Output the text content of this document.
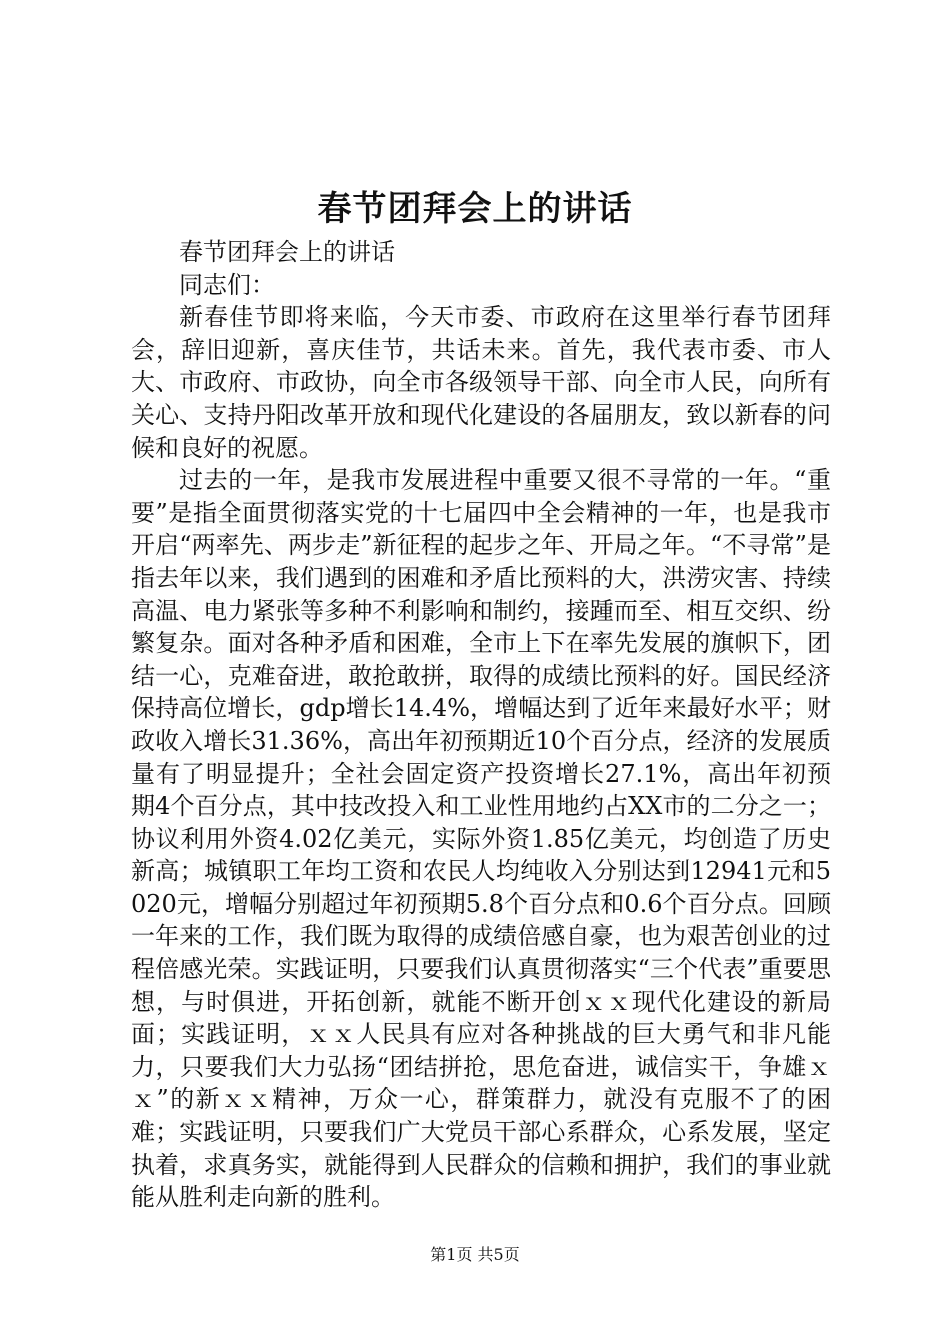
春节团拜会上的讲话

春节团拜会上的讲话

同志们：

新春佳节即将来临，今天市委、市政府在这里举行春节团拜会，辞旧迎新，喜庆佳节，共话未来。首先，我代表市委、市人大、市政府、市政协，向全市各级领导干部、向全市人民，向所有关心、支持丹阳改革开放和现代化建设的各届朋友，致以新春的问候和良好的祝愿。

过去的一年，是我市发展进程中重要又很不寻常的一年。“重要”是指全面贯彻落实党的十七届四中全会精神的一年，也是我市开启“两率先、两步走”新征程的起步之年、开局之年。“不寻常”是指去年以来，我们遇到的困难和矛盾比预料的大，洪涝灾害、持续高温、电力紧张等多种不利影响和制约，接踵而至、相互交织、纷繁复杂。面对各种矛盾和困难，全市上下在率先发展的旗帜下，团结一心，克难奋进，敢抢敢拼，取得的成绩比预料的好。国民经济保持高位增长，gdp增长14.4%，增幅达到了近年来最好水平；财政收入增长31.36%，高出年初预期近10个百分点，经济的发展质量有了明显提升；全社会固定资产投资增长27.1%，高出年初预期4个百分点，其中技改投入和工业性用地约占XX市的二分之一；协议利用外资4.02亿美元，实际外资1.85亿美元，均创造了历史新高；城镇职工年均工资和农民人均纯收入分别达到12941元和5020元，增幅分别超过年初预期5.8个百分点和0.6个百分点。回顾一年来的工作，我们既为取得的成绩倍感自豪，也为艰苦创业的过程倍感光荣。实践证明，只要我们认真贯彻落实“三个代表”重要思想，与时俱进，开拓创新，就能不断开创ｘｘ现代化建设的新局面；实践证明，ｘｘ人民具有应对各种挑战的巨大勇气和非凡能力，只要我们大力弘扬“团结拼抢，思危奋进，诚信实干，争雄ｘｘ”的新ｘｘ精神，万众一心，群策群力，就没有克服不了的困难；实践证明，只要我们广大党员干部心系群众，心系发展，坚定执着，求真务实，就能得到人民群众的信赖和拥护，我们的事业就能从胜利走向新的胜利。

第1页 共5页
